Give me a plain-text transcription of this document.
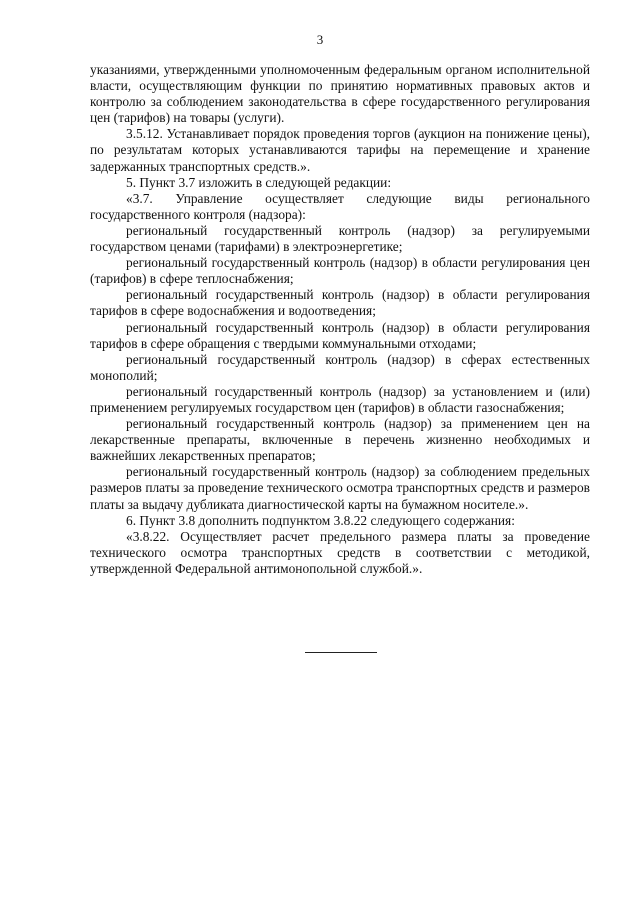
3

указаниями, утвержденными уполномоченным федеральным органом исполнительной власти, осуществляющим функции по принятию нормативных правовых актов и контролю за соблюдением законодательства в сфере государственного регулирования цен (тарифов) на товары (услуги).

3.5.12. Устанавливает порядок проведения торгов (аукцион на понижение цены), по результатам которых устанавливаются тарифы на перемещение и хранение задержанных транспортных средств.».

5. Пункт 3.7 изложить в следующей редакции:

«3.7. Управление осуществляет следующие виды регионального государственного контроля (надзора):

региональный государственный контроль (надзор) за регулируемыми государством ценами (тарифами) в электроэнергетике;

региональный государственный контроль (надзор) в области регулирования цен (тарифов) в сфере теплоснабжения;

региональный государственный контроль (надзор) в области регулирования тарифов в сфере водоснабжения и водоотведения;

региональный государственный контроль (надзор) в области регулирования тарифов в сфере обращения с твердыми коммунальными отходами;

региональный государственный контроль (надзор) в сферах естественных монополий;

региональный государственный контроль (надзор) за установлением и (или) применением регулируемых государством цен (тарифов) в области газоснабжения;

региональный государственный контроль (надзор) за применением цен на лекарственные препараты, включенные в перечень жизненно необходимых и важнейших лекарственных препаратов;

региональный государственный контроль (надзор) за соблюдением предельных размеров платы за проведение технического осмотра транспортных средств и размеров платы за выдачу дубликата диагностической карты на бумажном носителе.».

6. Пункт 3.8 дополнить подпунктом 3.8.22 следующего содержания:

«3.8.22. Осуществляет расчет предельного размера платы за проведение технического осмотра транспортных средств в соответствии с методикой, утвержденной Федеральной антимонопольной службой.».
